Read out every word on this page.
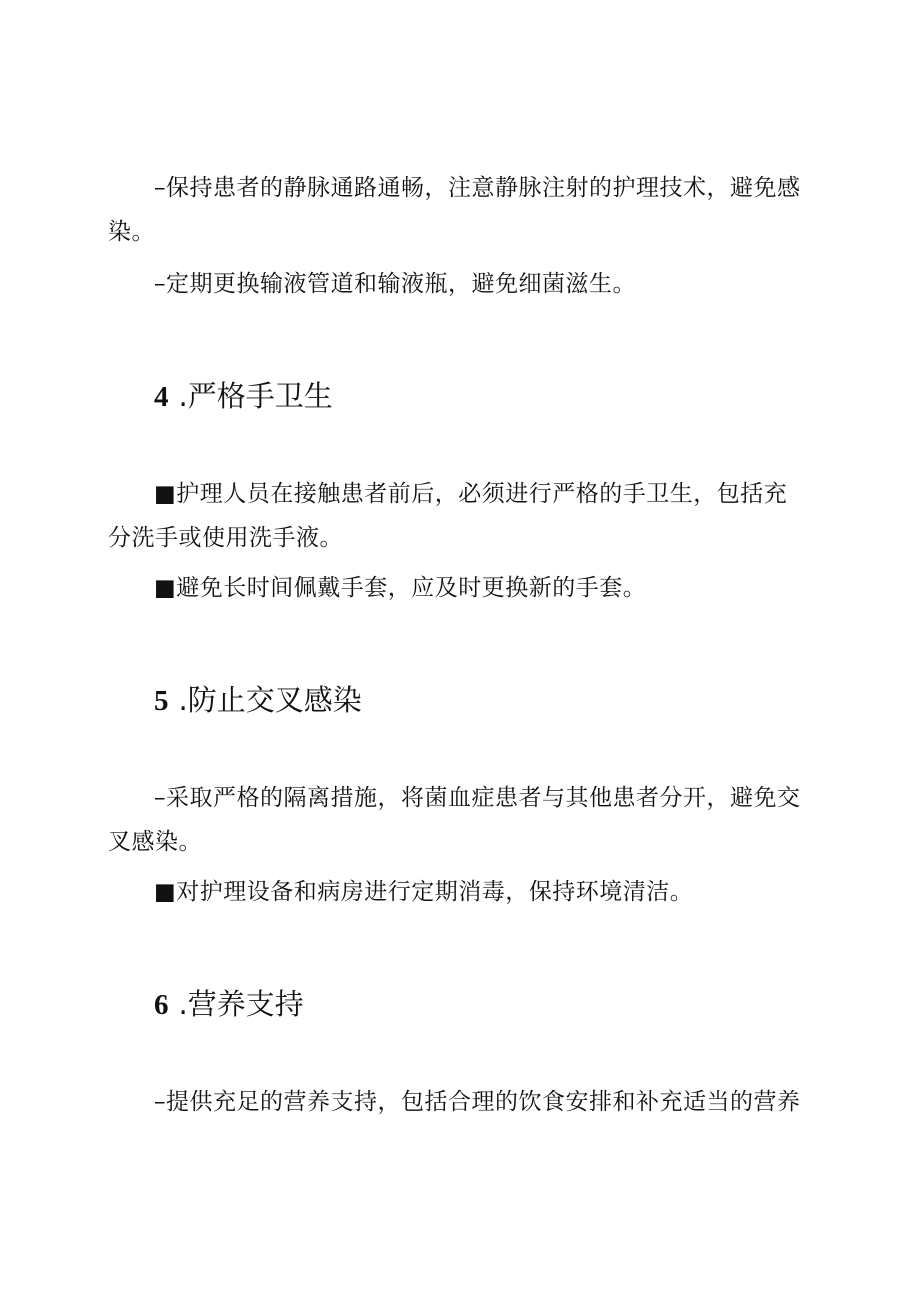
–保持患者的静脉通路通畅，注意静脉注射的护理技术，避免感染。

–定期更换输液管道和输液瓶，避免细菌滋生。

4 .严格手卫生

■护理人员在接触患者前后，必须进行严格的手卫生，包括充分洗手或使用洗手液。

■避免长时间佩戴手套，应及时更换新的手套。

5 .防止交叉感染

–采取严格的隔离措施，将菌血症患者与其他患者分开，避免交叉感染。

■对护理设备和病房进行定期消毒，保持环境清洁。

6 .营养支持

–提供充足的营养支持，包括合理的饮食安排和补充适当的营养
